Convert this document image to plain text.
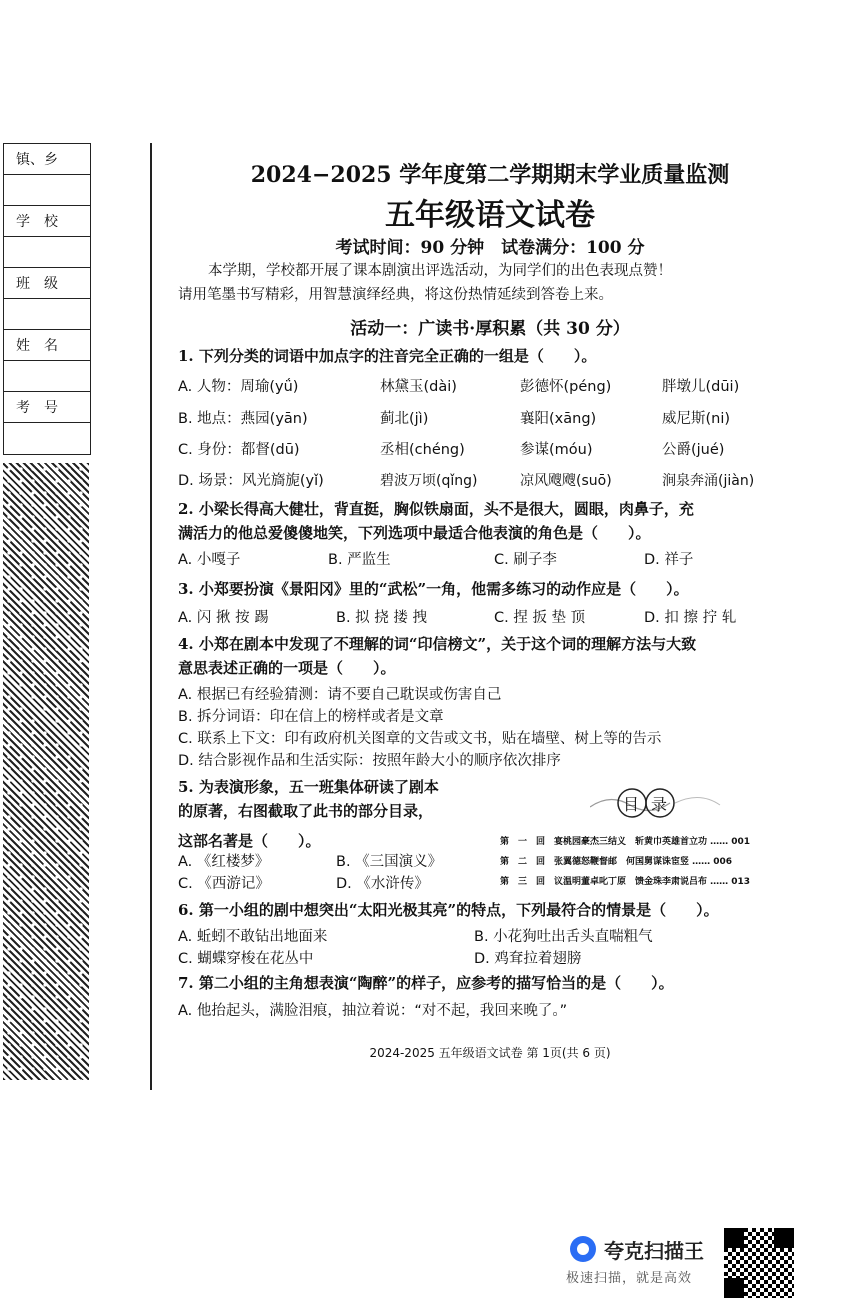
镇、乡
学　校
班　级
姓　名
考　号
2024−2025 学年度第二学期期末学业质量监测
五年级语文试卷
考试时间：90 分钟　试卷满分：100 分
本学期，学校都开展了课本剧演出评选活动，为同学们的出色表现点赞！
请用笔墨书写精彩，用智慧演绎经典，将这份热情延续到答卷上来。
活动一：广读书·厚积累（共 30 分）
1. 下列分类的词语中加点字的注音完全正确的一组是（　　）。
A. 人物：周瑜(yǘ)	林黛玉(dài)	彭德怀(péng)	胖墩儿(dūi)
B. 地点：燕园(yān)	蓟北(jì)	襄阳(xāng)	威尼斯(ni)
C. 身份：都督(dū)	丞相(chéng)	参谋(móu)	公爵(jué)
D. 场景：风光旖旎(yǐ)	碧波万顷(qǐng)	凉风飕飕(suō)	涧泉奔涌(jiàn)
2. 小梁长得高大健壮，背直挺，胸似铁扇面，头不是很大，圆眼，肉鼻子，充
满活力的他总爱傻傻地笑，下列选项中最适合他表演的角色是（　　）。
A. 小嘎子	B. 严监生	C. 刷子李	D. 祥子
3. 小郑要扮演《景阳冈》里的“武松”一角，他需多练习的动作应是（　　）。
A. 闪 揪 按 踢	B. 拟 挠 搂 拽	C. 捏 扳 垫 顶	D. 扣 擦 拧 轧
4. 小郑在剧本中发现了不理解的词“印信榜文”，关于这个词的理解方法与大致
意思表述正确的一项是（　　）。
A. 根据已有经验猜测：请不要自己耽误或伤害自己
B. 拆分词语：印在信上的榜样或者是文章
C. 联系上下文：印有政府机关图章的文告或文书，贴在墙壁、树上等的告示
D. 结合影视作品和生活实际：按照年龄大小的顺序依次排序
5. 为表演形象，五一班集体研读了剧本
的原著，右图截取了此书的部分目录，
这部名著是（　　）。
A. 《红楼梦》	B. 《三国演义》
C. 《西游记》	D. 《水浒传》
目录
第　一　回　宴桃园豪杰三结义　斩黄巾英雄首立功 …… 001
第　二　回　张翼德怒鞭督邮　何国舅谋诛宦竖 …… 006
第　三　回　议温明董卓叱丁原　馈金珠李肃说吕布 …… 013
6. 第一小组的剧中想突出“太阳光极其亮”的特点，下列最符合的情景是（　　）。
A. 蚯蚓不敢钻出地面来	B. 小花狗吐出舌头直喘粗气
C. 蝴蝶穿梭在花丛中	D. 鸡耷拉着翅膀
7. 第二小组的主角想表演“陶醉”的样子，应参考的描写恰当的是（　　）。
A. 他抬起头，满脸泪痕，抽泣着说：“对不起，我回来晚了。”
2024-2025 五年级语文试卷 第 1页(共 6 页)
夸克扫描王
极速扫描，就是高效
